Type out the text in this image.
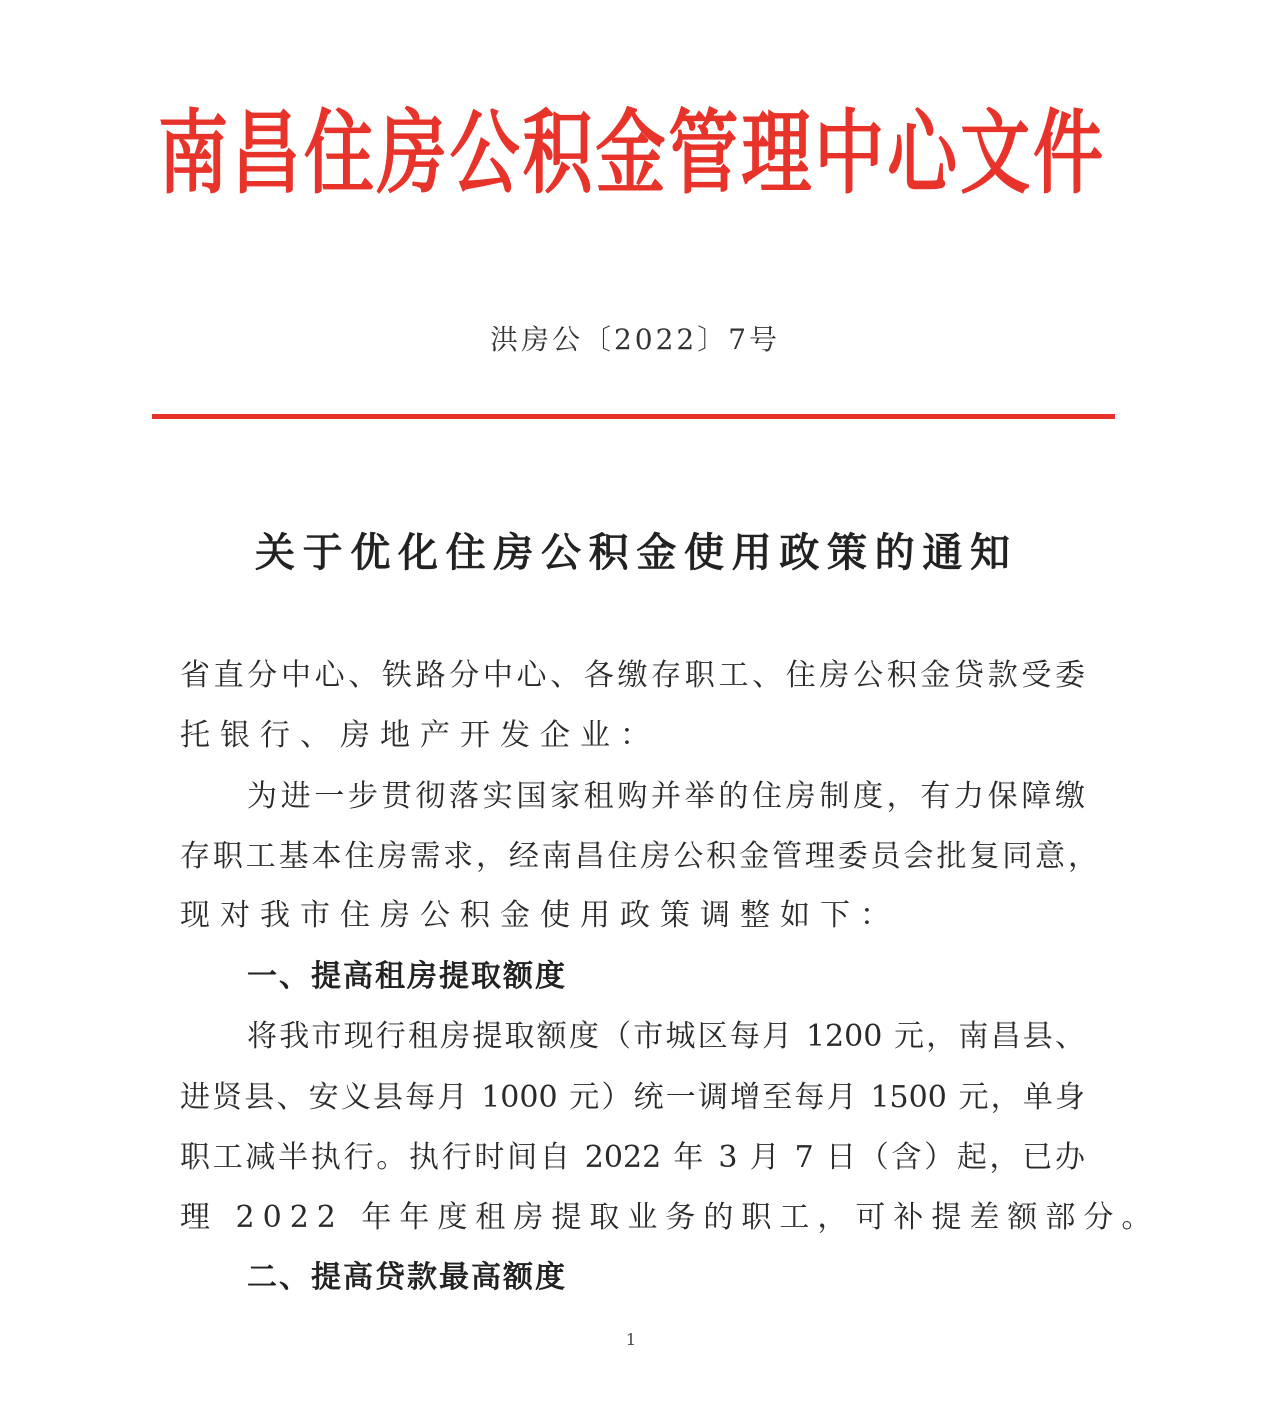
南昌住房公积金管理中心文件
洪房公〔2022〕7号
关于优化住房公积金使用政策的通知
省直分中心、铁路分中心、各缴存职工、住房公积金贷款受委
托银行、房地产开发企业：
为进一步贯彻落实国家租购并举的住房制度，有力保障缴
存职工基本住房需求，经南昌住房公积金管理委员会批复同意，
现对我市住房公积金使用政策调整如下：
一、提高租房提取额度
将我市现行租房提取额度（市城区每月 1200 元，南昌县、
进贤县、安义县每月 1000 元）统一调增至每月 1500 元，单身
职工减半执行。执行时间自 2022 年 3 月 7 日（含）起，已办
理 2022 年年度租房提取业务的职工，可补提差额部分。
二、提高贷款最高额度
1
